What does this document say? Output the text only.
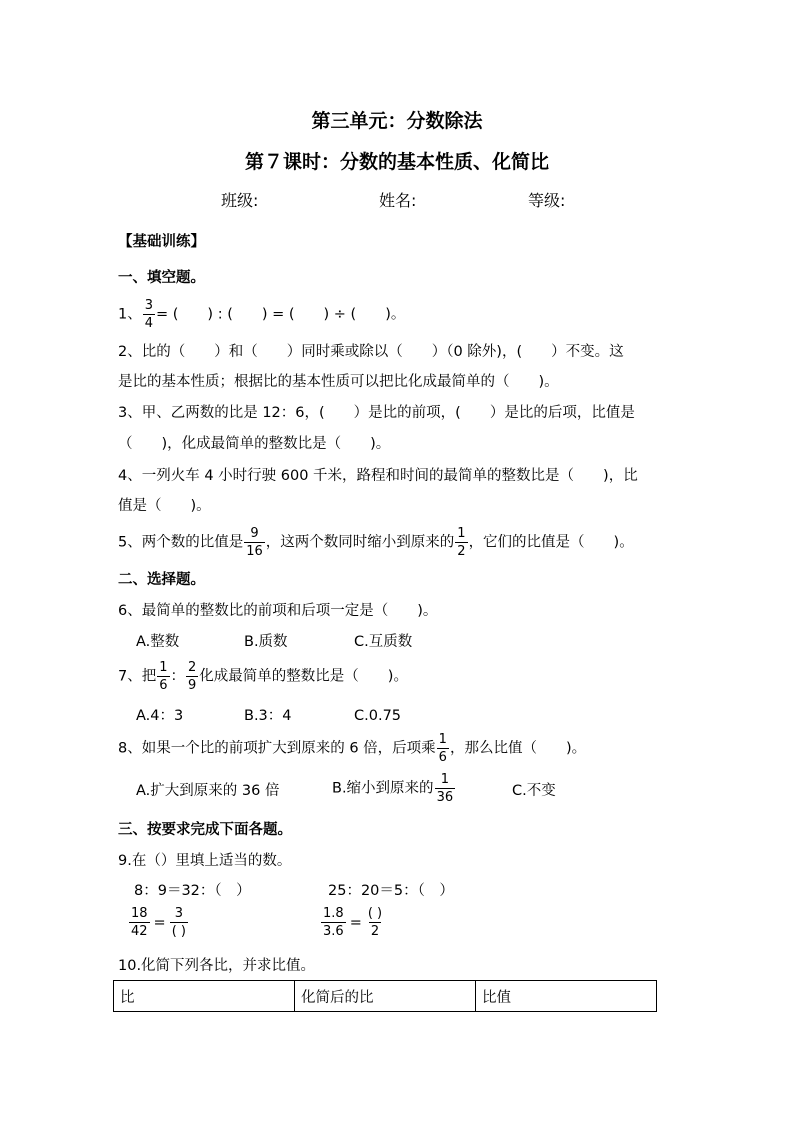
第三单元：分数除法
第７课时：分数的基本性质、化简比
班级:	姓名:	等级:
【基础训练】
一、填空题。
1、 $\frac{3}{4}$ = (　　) : (　　) = (　　) ÷ (　　)。
2、比的（　　）和（　　）同时乘或除以（　　）（0 除外)，(　　）不变。这
是比的基本性质；根据比的基本性质可以把比化成最简单的（　　)。
3、甲、乙两数的比是 12：6，(　　）是比的前项，(　　）是比的后项，比值是
（　　)，化成最简单的整数比是（　　)。
4、一列火车 4 小时行驶 600 千米，路程和时间的最简单的整数比是（　　)，比
值是（　　)。
5、两个数的比值是 $\frac{9}{16}$ ，这两个数同时缩小到原来的 $\frac{1}{2}$ ，它们的比值是（　　)。
二、选择题。
6、最简单的整数比的前项和后项一定是（　　)。
A.整数	B.质数	C.互质数
7、把 $\frac{1}{6}$ ： $\frac{2}{9}$ 化成最简单的整数比是（　　)。
A.4：3	B.3：4	C.0.75
8、如果一个比的前项扩大到原来的 6 倍，后项乘 $\frac{1}{6}$ ，那么比值（　　)。
A.扩大到原来的 36 倍	B.缩小到原来的 $\frac{1}{36}$	C.不变
三、按要求完成下面各题。
9.在（）里填上适当的数。
8：9＝32：（　）	25：20＝5：（　）
$\frac{18}{42} = \frac{3}{( )}$	$\frac{1.8}{3.6} = \frac{( )}{2}$
10.化简下列各比，并求比值。
比	化简后的比	比值
